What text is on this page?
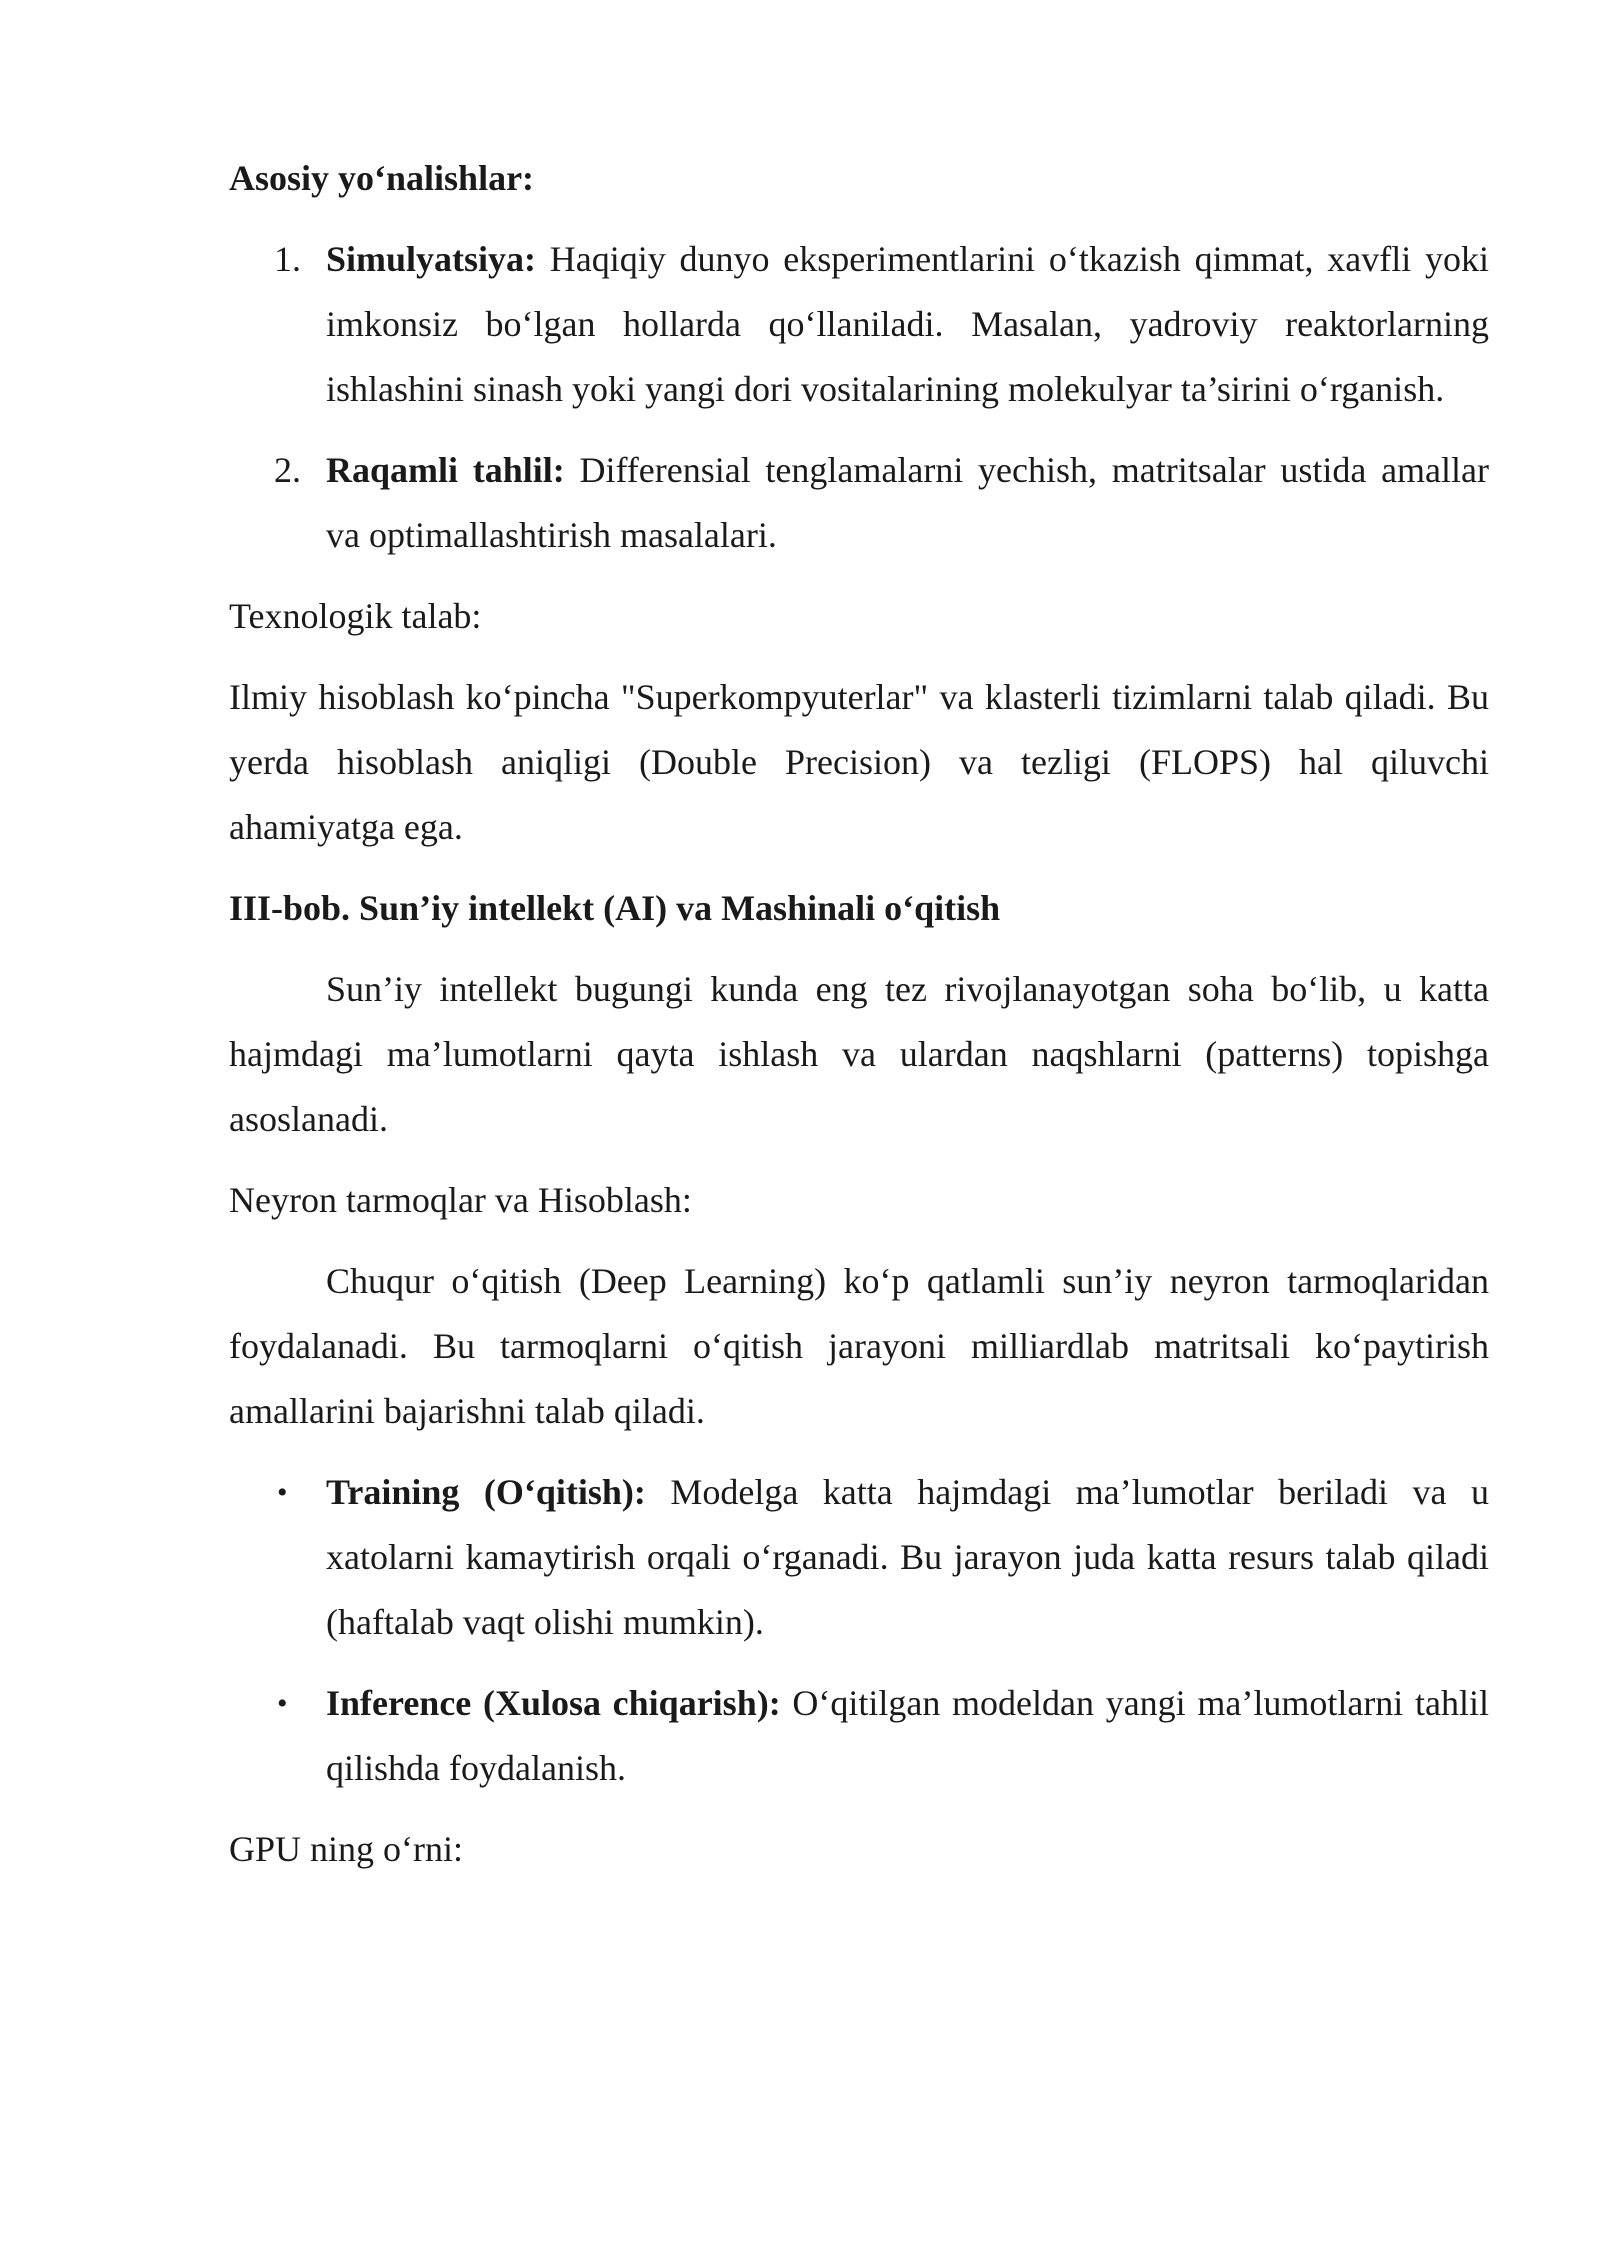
Asosiy yo‘nalishlar:

1. Simulyatsiya: Haqiqiy dunyo eksperimentlarini o‘tkazish qimmat, xavfli yoki imkonsiz bo‘lgan hollarda qo‘llaniladi. Masalan, yadroviy reaktorlarning ishlashini sinash yoki yangi dori vositalarining molekulyar ta’sirini o‘rganish.
2. Raqamli tahlil: Differensial tenglamalarni yechish, matritsalar ustida amallar va optimallashtirish masalalari.

Texnologik talab:

Ilmiy hisoblash ko‘pincha "Superkompyuterlar" va klasterli tizimlarni talab qiladi. Bu yerda hisoblash aniqligi (Double Precision) va tezligi (FLOPS) hal qiluvchi ahamiyatga ega.

III-bob. Sun’iy intellekt (AI) va Mashinali o‘qitish

Sun’iy intellekt bugungi kunda eng tez rivojlanayotgan soha bo‘lib, u katta hajmdagi ma’lumotlarni qayta ishlash va ulardan naqshlarni (patterns) topishga asoslanadi.

Neyron tarmoqlar va Hisoblash:

Chuqur o‘qitish (Deep Learning) ko‘p qatlamli sun’iy neyron tarmoqlaridan foydalanadi. Bu tarmoqlarni o‘qitish jarayoni milliardlab matritsali ko‘paytirish amallarini bajarishni talab qiladi.

• Training (O‘qitish): Modelga katta hajmdagi ma’lumotlar beriladi va u xatolarni kamaytirish orqali o‘rganadi. Bu jarayon juda katta resurs talab qiladi (haftalab vaqt olishi mumkin).
• Inference (Xulosa chiqarish): O‘qitilgan modeldan yangi ma’lumotlarni tahlil qilishda foydalanish.

GPU ning o‘rni:
